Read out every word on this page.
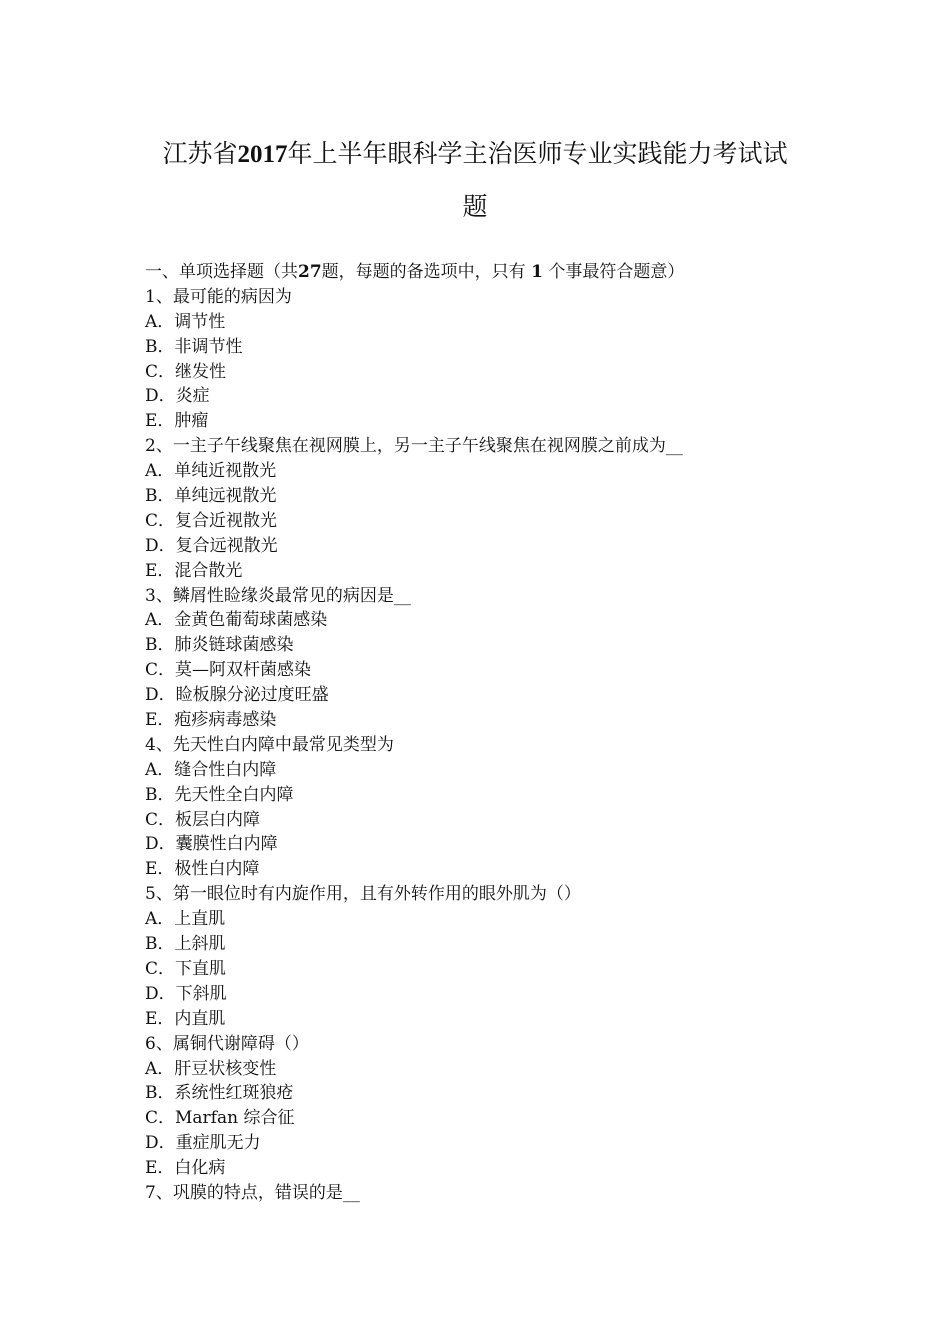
江苏省2017年上半年眼科学主治医师专业实践能力考试试
题
一、单项选择题（共27题，每题的备选项中，只有 1 个事最符合题意）
1、最可能的病因为
A．调节性
B．非调节性
C．继发性
D．炎症
E．肿瘤
2、一主子午线聚焦在视网膜上，另一主子午线聚焦在视网膜之前成为__
A．单纯近视散光
B．单纯远视散光
C．复合近视散光
D．复合远视散光
E．混合散光
3、鳞屑性睑缘炎最常见的病因是__
A．金黄色葡萄球菌感染
B．肺炎链球菌感染
C．莫—阿双杆菌感染
D．睑板腺分泌过度旺盛
E．疱疹病毒感染
4、先天性白内障中最常见类型为
A．缝合性白内障
B．先天性全白内障
C．板层白内障
D．囊膜性白内障
E．极性白内障
5、第一眼位时有内旋作用，且有外转作用的眼外肌为（）
A．上直肌
B．上斜肌
C．下直肌
D．下斜肌
E．内直肌
6、属铜代谢障碍（）
A．肝豆状核变性
B．系统性红斑狼疮
C．Marfan 综合征
D．重症肌无力
E．白化病
7、巩膜的特点，错误的是__
